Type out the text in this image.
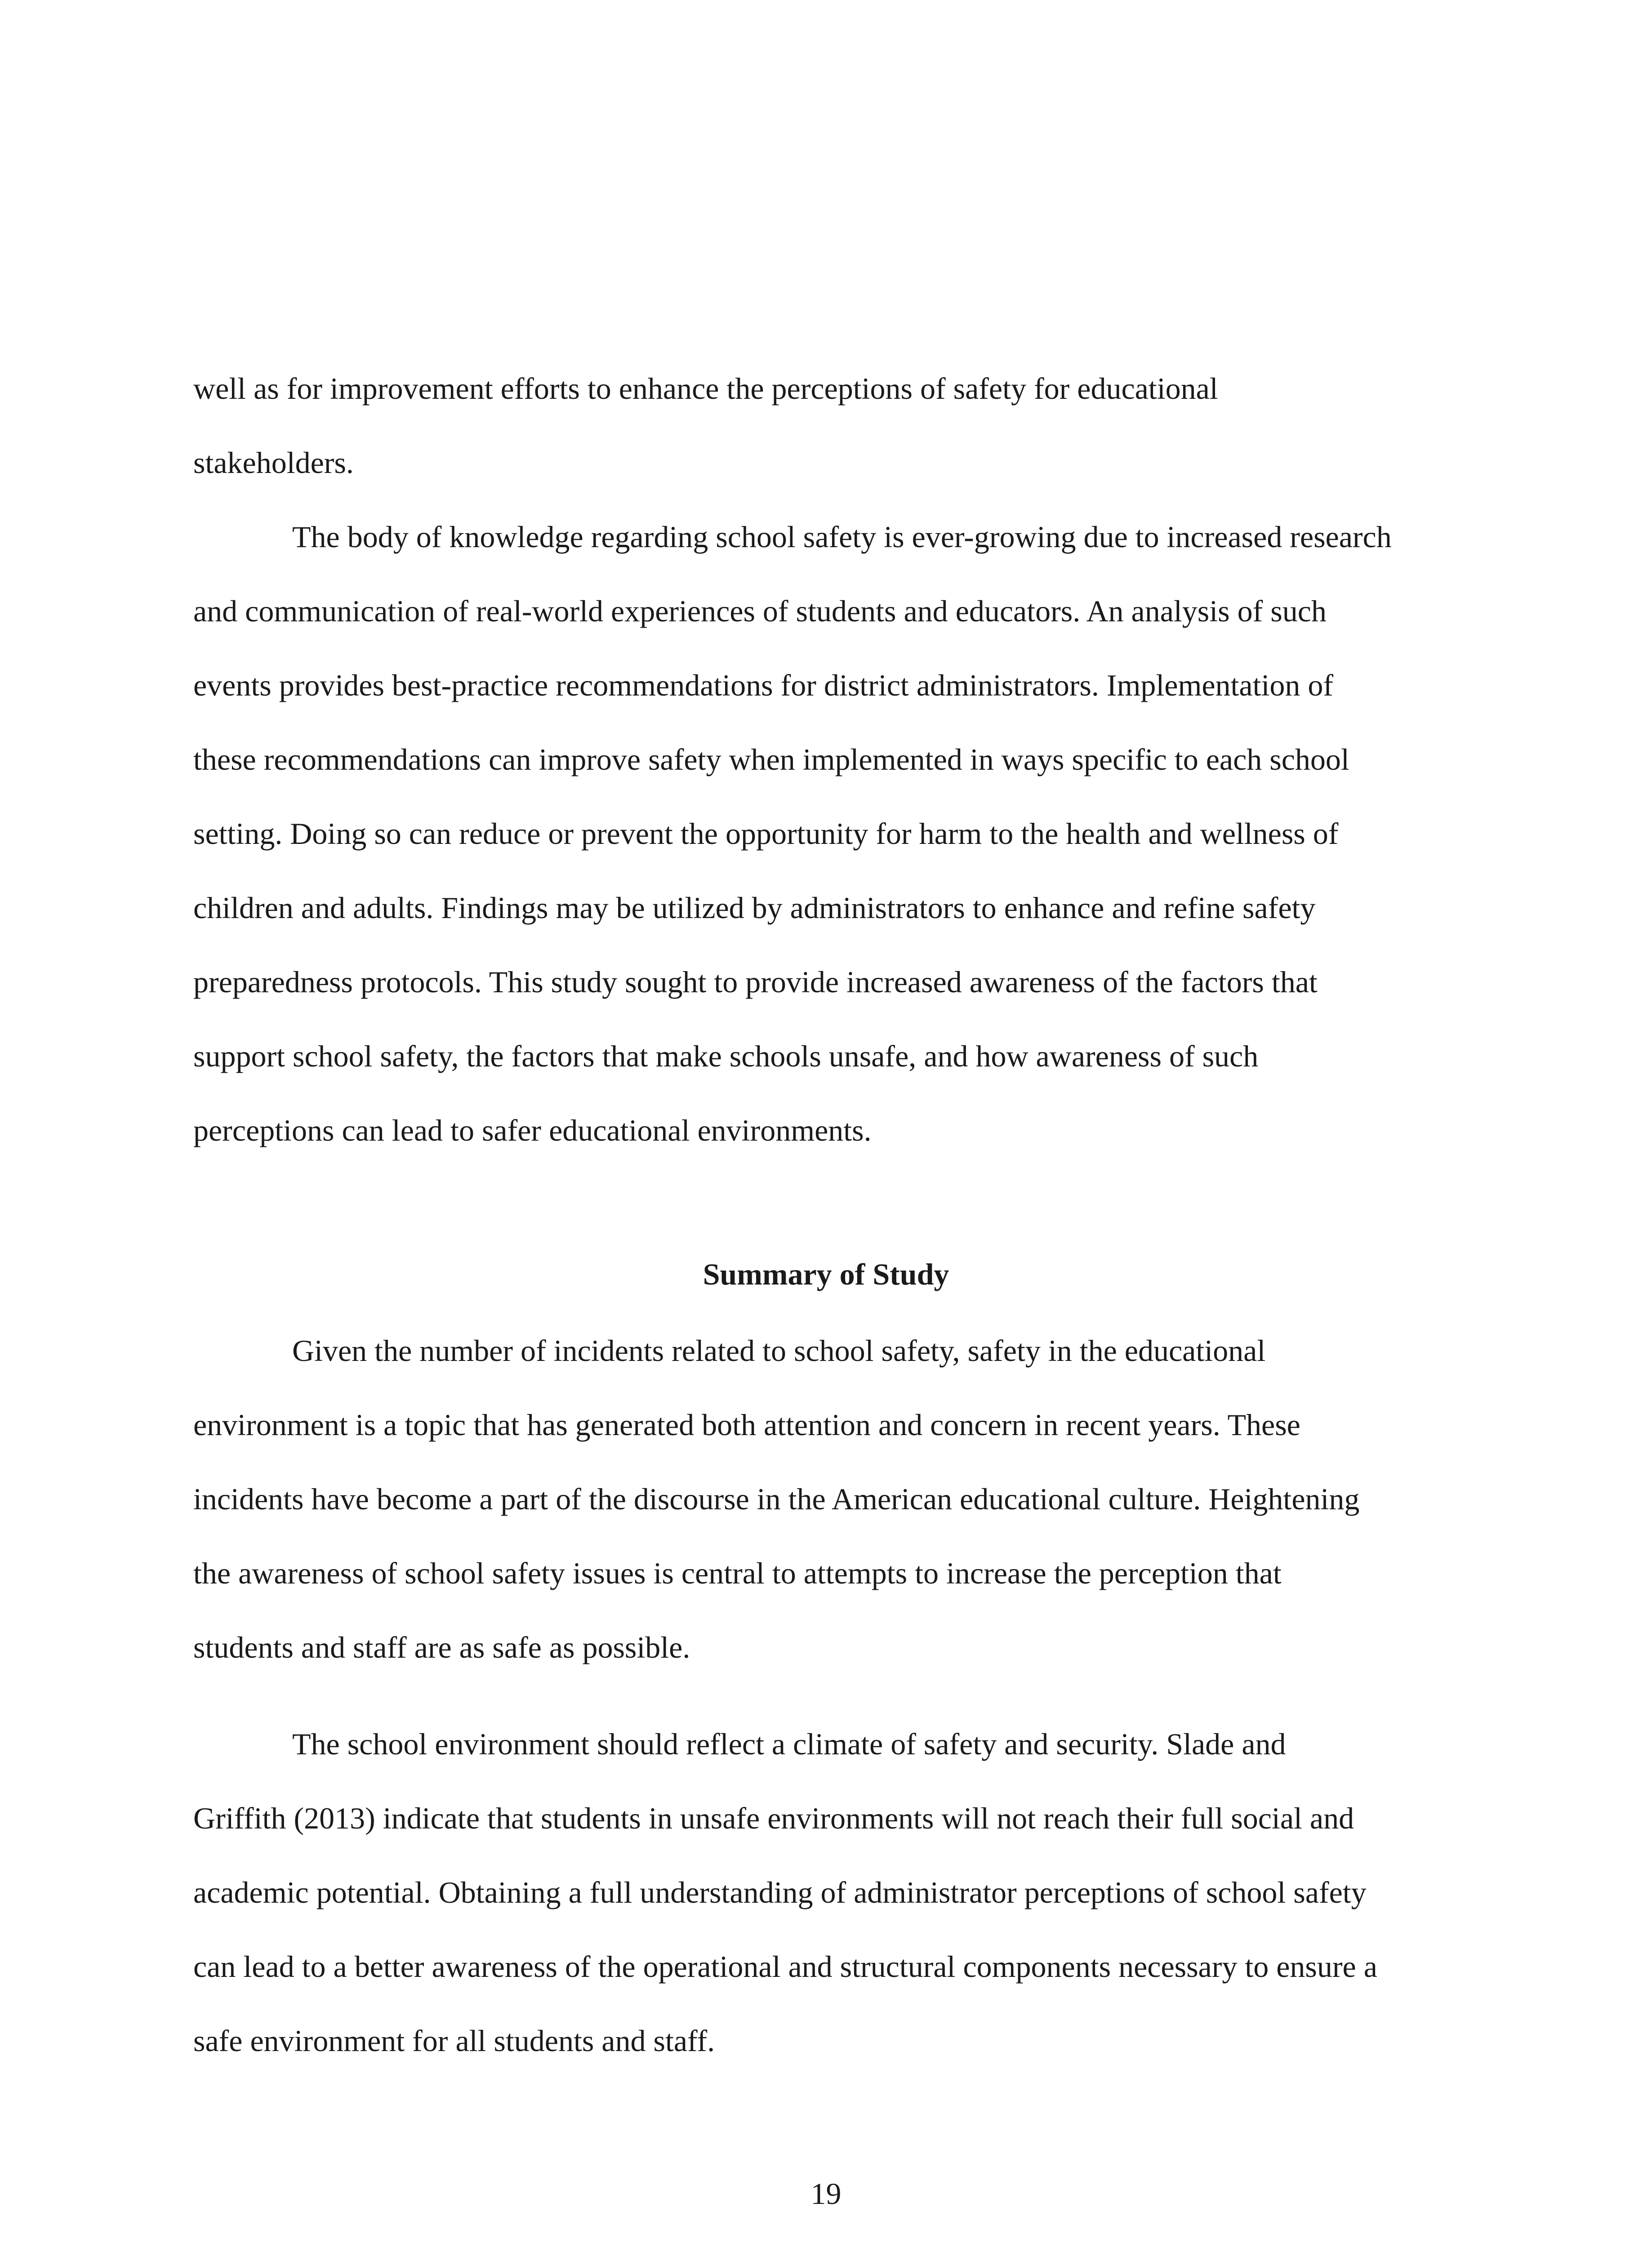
well as for improvement efforts to enhance the perceptions of safety for educational
stakeholders.
The body of knowledge regarding school safety is ever-growing due to increased research
and communication of real-world experiences of students and educators. An analysis of such
events provides best-practice recommendations for district administrators. Implementation of
these recommendations can improve safety when implemented in ways specific to each school
setting. Doing so can reduce or prevent the opportunity for harm to the health and wellness of
children and adults. Findings may be utilized by administrators to enhance and refine safety
preparedness protocols. This study sought to provide increased awareness of the factors that
support school safety, the factors that make schools unsafe, and how awareness of such
perceptions can lead to safer educational environments.
Summary of Study
Given the number of incidents related to school safety, safety in the educational
environment is a topic that has generated both attention and concern in recent years. These
incidents have become a part of the discourse in the American educational culture. Heightening
the awareness of school safety issues is central to attempts to increase the perception that
students and staff are as safe as possible.
The school environment should reflect a climate of safety and security. Slade and
Griffith (2013) indicate that students in unsafe environments will not reach their full social and
academic potential. Obtaining a full understanding of administrator perceptions of school safety
can lead to a better awareness of the operational and structural components necessary to ensure a
safe environment for all students and staff.
19
